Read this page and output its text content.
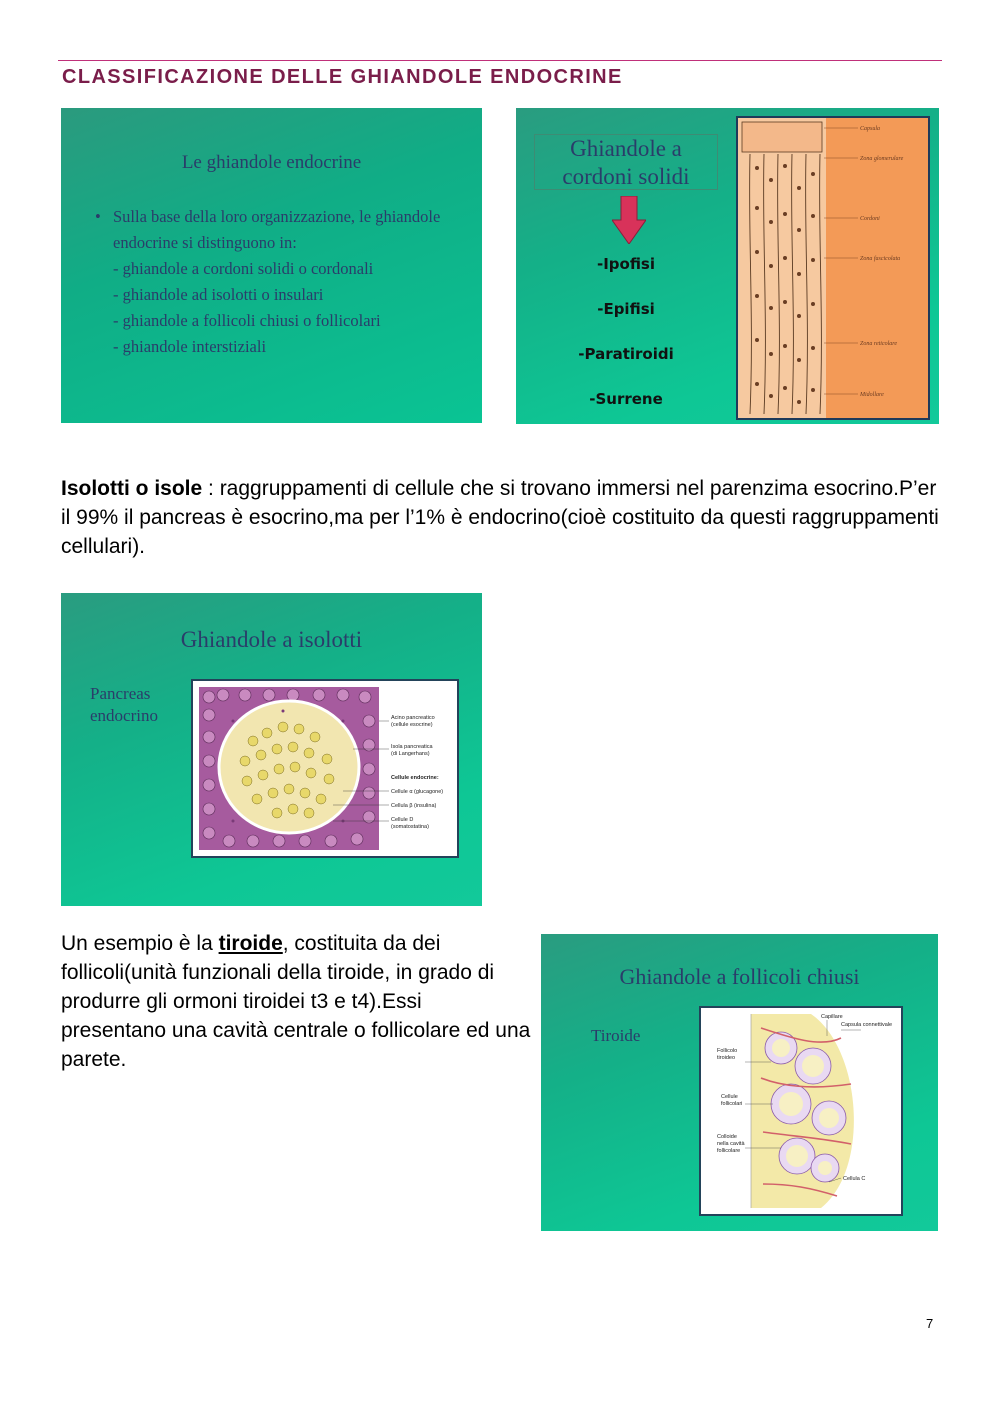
CLASSIFICAZIONE DELLE GHIANDOLE ENDOCRINE
Le ghiandole endocrine
• Sulla base della loro organizzazione, le ghiandole endocrine si distinguono in:
- ghiandole a cordoni solidi o cordonali
- ghiandole ad isolotti o insulari
- ghiandole a follicoli chiusi o follicolari
- ghiandole interstiziali
Ghiandole a cordoni solidi
-Ipofisi
-Epifisi
-Paratiroidi
-Surrene
Capsula
Zona glomerulare
Cordoni
Zona fascicolata
Zona reticolare
Midollare

Isolotti o isole : raggruppamenti di cellule che si trovano immersi nel parenzima esocrino.P’er il 99% il pancreas è esocrino,ma per l’1% è endocrino(cioè costituito da questi raggruppamenti cellulari).

Ghiandole a isolotti
Pancreas
endocrino	Acino pancreatico
(cellule esocrine)
Isola pancreatica
(di Langerhans)
Cellule endocrine:
Cellule α (glucagone)
Cellula β (insulina)
Cellule D
(somatostatina)

Un esempio è la tiroide, costituita da dei follicoli(unità funzionali della tiroide, in grado di produrre gli ormoni tiroidei t3 e t4).Essi presentano una cavità centrale o follicolare ed una parete.

Ghiandole a follicoli chiusi
Tiroide
Capillare
Capsula connettivale
Follicolo
tiroideo
Cellule
follicolari
Colloide
nella cavità
follicolare
Cellula C
7
